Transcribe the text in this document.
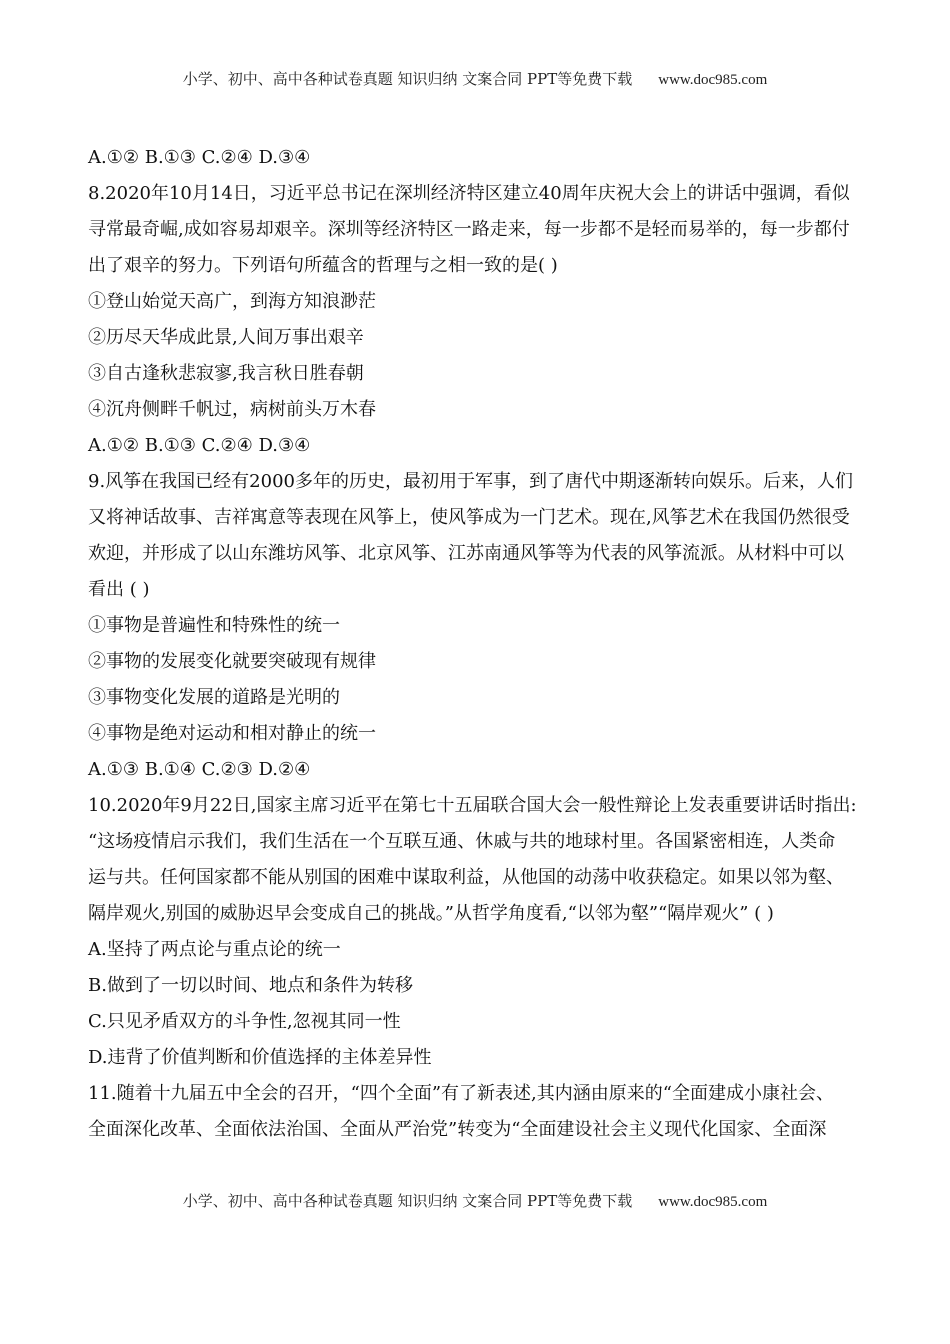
小学、初中、高中各种试卷真题 知识归纳 文案合同 PPT等免费下载 www.doc985.com
A.①② B.①③ C.②④ D.③④
8.2020年10月14日，习近平总书记在深圳经济特区建立40周年庆祝大会上的讲话中强调，看似
寻常最奇崛,成如容易却艰辛。深圳等经济特区一路走来，每一步都不是轻而易举的，每一步都付
出了艰辛的努力。下列语句所蕴含的哲理与之相一致的是( )
①登山始觉天高广，到海方知浪渺茫
②历尽天华成此景,人间万事出艰辛
③自古逢秋悲寂寥,我言秋日胜春朝
④沉舟侧畔千帆过，病树前头万木春
A.①② B.①③ C.②④ D.③④
9.风筝在我国已经有2000多年的历史，最初用于军事，到了唐代中期逐渐转向娱乐。后来，人们
又将神话故事、吉祥寓意等表现在风筝上，使风筝成为一门艺术。现在,风筝艺术在我国仍然很受
欢迎，并形成了以山东潍坊风筝、北京风筝、江苏南通风筝等为代表的风筝流派。从材料中可以
看出 ( )
①事物是普遍性和特殊性的统一
②事物的发展变化就要突破现有规律
③事物变化发展的道路是光明的
④事物是绝对运动和相对静止的统一
A.①③ B.①④ C.②③ D.②④
10.2020年9月22日,国家主席习近平在第七十五届联合国大会一般性辩论上发表重要讲话时指出:
“这场疫情启示我们，我们生活在一个互联互通、休戚与共的地球村里。各国紧密相连，人类命
运与共。任何国家都不能从别国的困难中谋取利益，从他国的动荡中收获稳定。如果以邻为壑、
隔岸观火,别国的威胁迟早会变成自己的挑战。”从哲学角度看,“以邻为壑”“隔岸观火” ( )
A.坚持了两点论与重点论的统一
B.做到了一切以时间、地点和条件为转移
C.只见矛盾双方的斗争性,忽视其同一性
D.违背了价值判断和价值选择的主体差异性
11.随着十九届五中全会的召开，“四个全面”有了新表述,其内涵由原来的“全面建成小康社会、
全面深化改革、全面依法治国、全面从严治党”转变为“全面建设社会主义现代化国家、全面深
小学、初中、高中各种试卷真题 知识归纳 文案合同 PPT等免费下载 www.doc985.com
